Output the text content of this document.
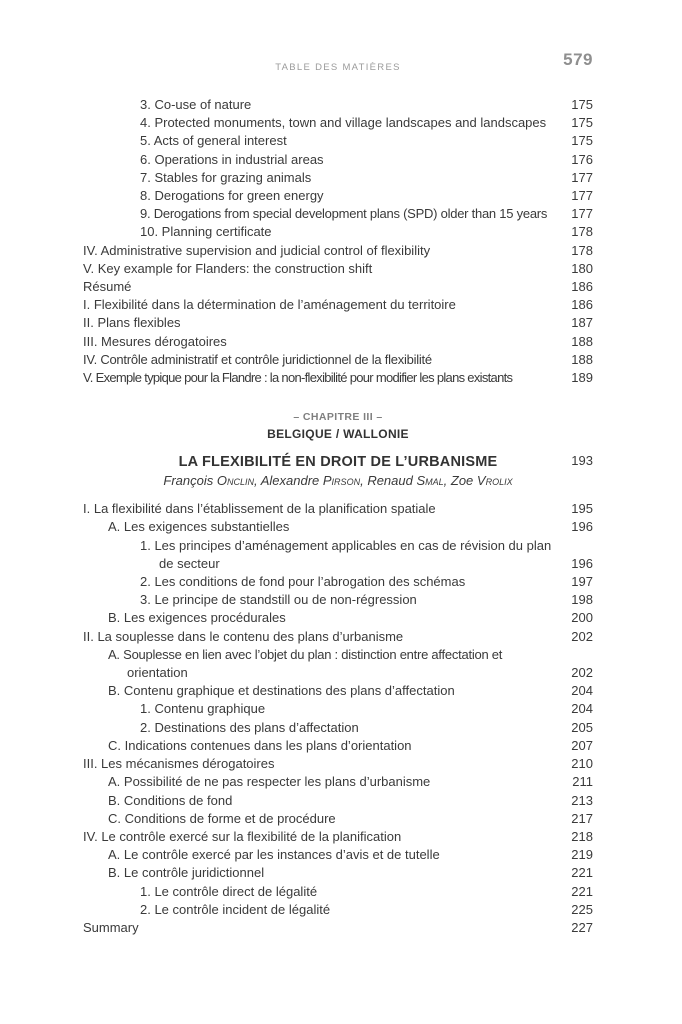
TABLE DES MATIÈRES	579
3. Co-use of nature	175
4. Protected monuments, town and village landscapes and landscapes 175
5. Acts of general interest	175
6. Operations in industrial areas	176
7. Stables for grazing animals	177
8. Derogations for green energy	177
9. Derogations from special development plans (SPD) older than 15 years 177
10. Planning certificate	178
IV. Administrative supervision and judicial control of flexibility	178
V. Key example for Flanders: the construction shift	180
Résumé	186
I. Flexibilité dans la détermination de l’aménagement du territoire	186
II. Plans flexibles	187
III. Mesures dérogatoires	188
IV. Contrôle administratif et contrôle juridictionnel de la flexibilité	188
V. Exemple typique pour la Flandre : la non-flexibilité pour modifier les plans existants	189
– CHAPITRE III –
BELGIQUE / WALLONIE
LA FLEXIBILITÉ EN DROIT DE L’URBANISME	193
François Onclin, Alexandre Pirson, Renaud Smal, Zoe Vrolix
I. La flexibilité dans l’établissement de la planification spatiale	195
A. Les exigences substantielles	196
1. Les principes d’aménagement applicables en cas de révision du plan
de secteur	196
2. Les conditions de fond pour l’abrogation des schémas	197
3. Le principe de standstill ou de non-régression	198
B. Les exigences procédurales	200
II. La souplesse dans le contenu des plans d’urbanisme	202
A. Souplesse en lien avec l’objet du plan : distinction entre affectation et
orientation	202
B. Contenu graphique et destinations des plans d’affectation	204
1. Contenu graphique	204
2. Destinations des plans d’affectation	205
C. Indications contenues dans les plans d’orientation	207
III. Les mécanismes dérogatoires	210
A. Possibilité de ne pas respecter les plans d’urbanisme	211
B. Conditions de fond	213
C. Conditions de forme et de procédure	217
IV. Le contrôle exercé sur la flexibilité de la planification	218
A. Le contrôle exercé par les instances d’avis et de tutelle	219
B. Le contrôle juridictionnel	221
1. Le contrôle direct de légalité	221
2. Le contrôle incident de légalité	225
Summary	227
